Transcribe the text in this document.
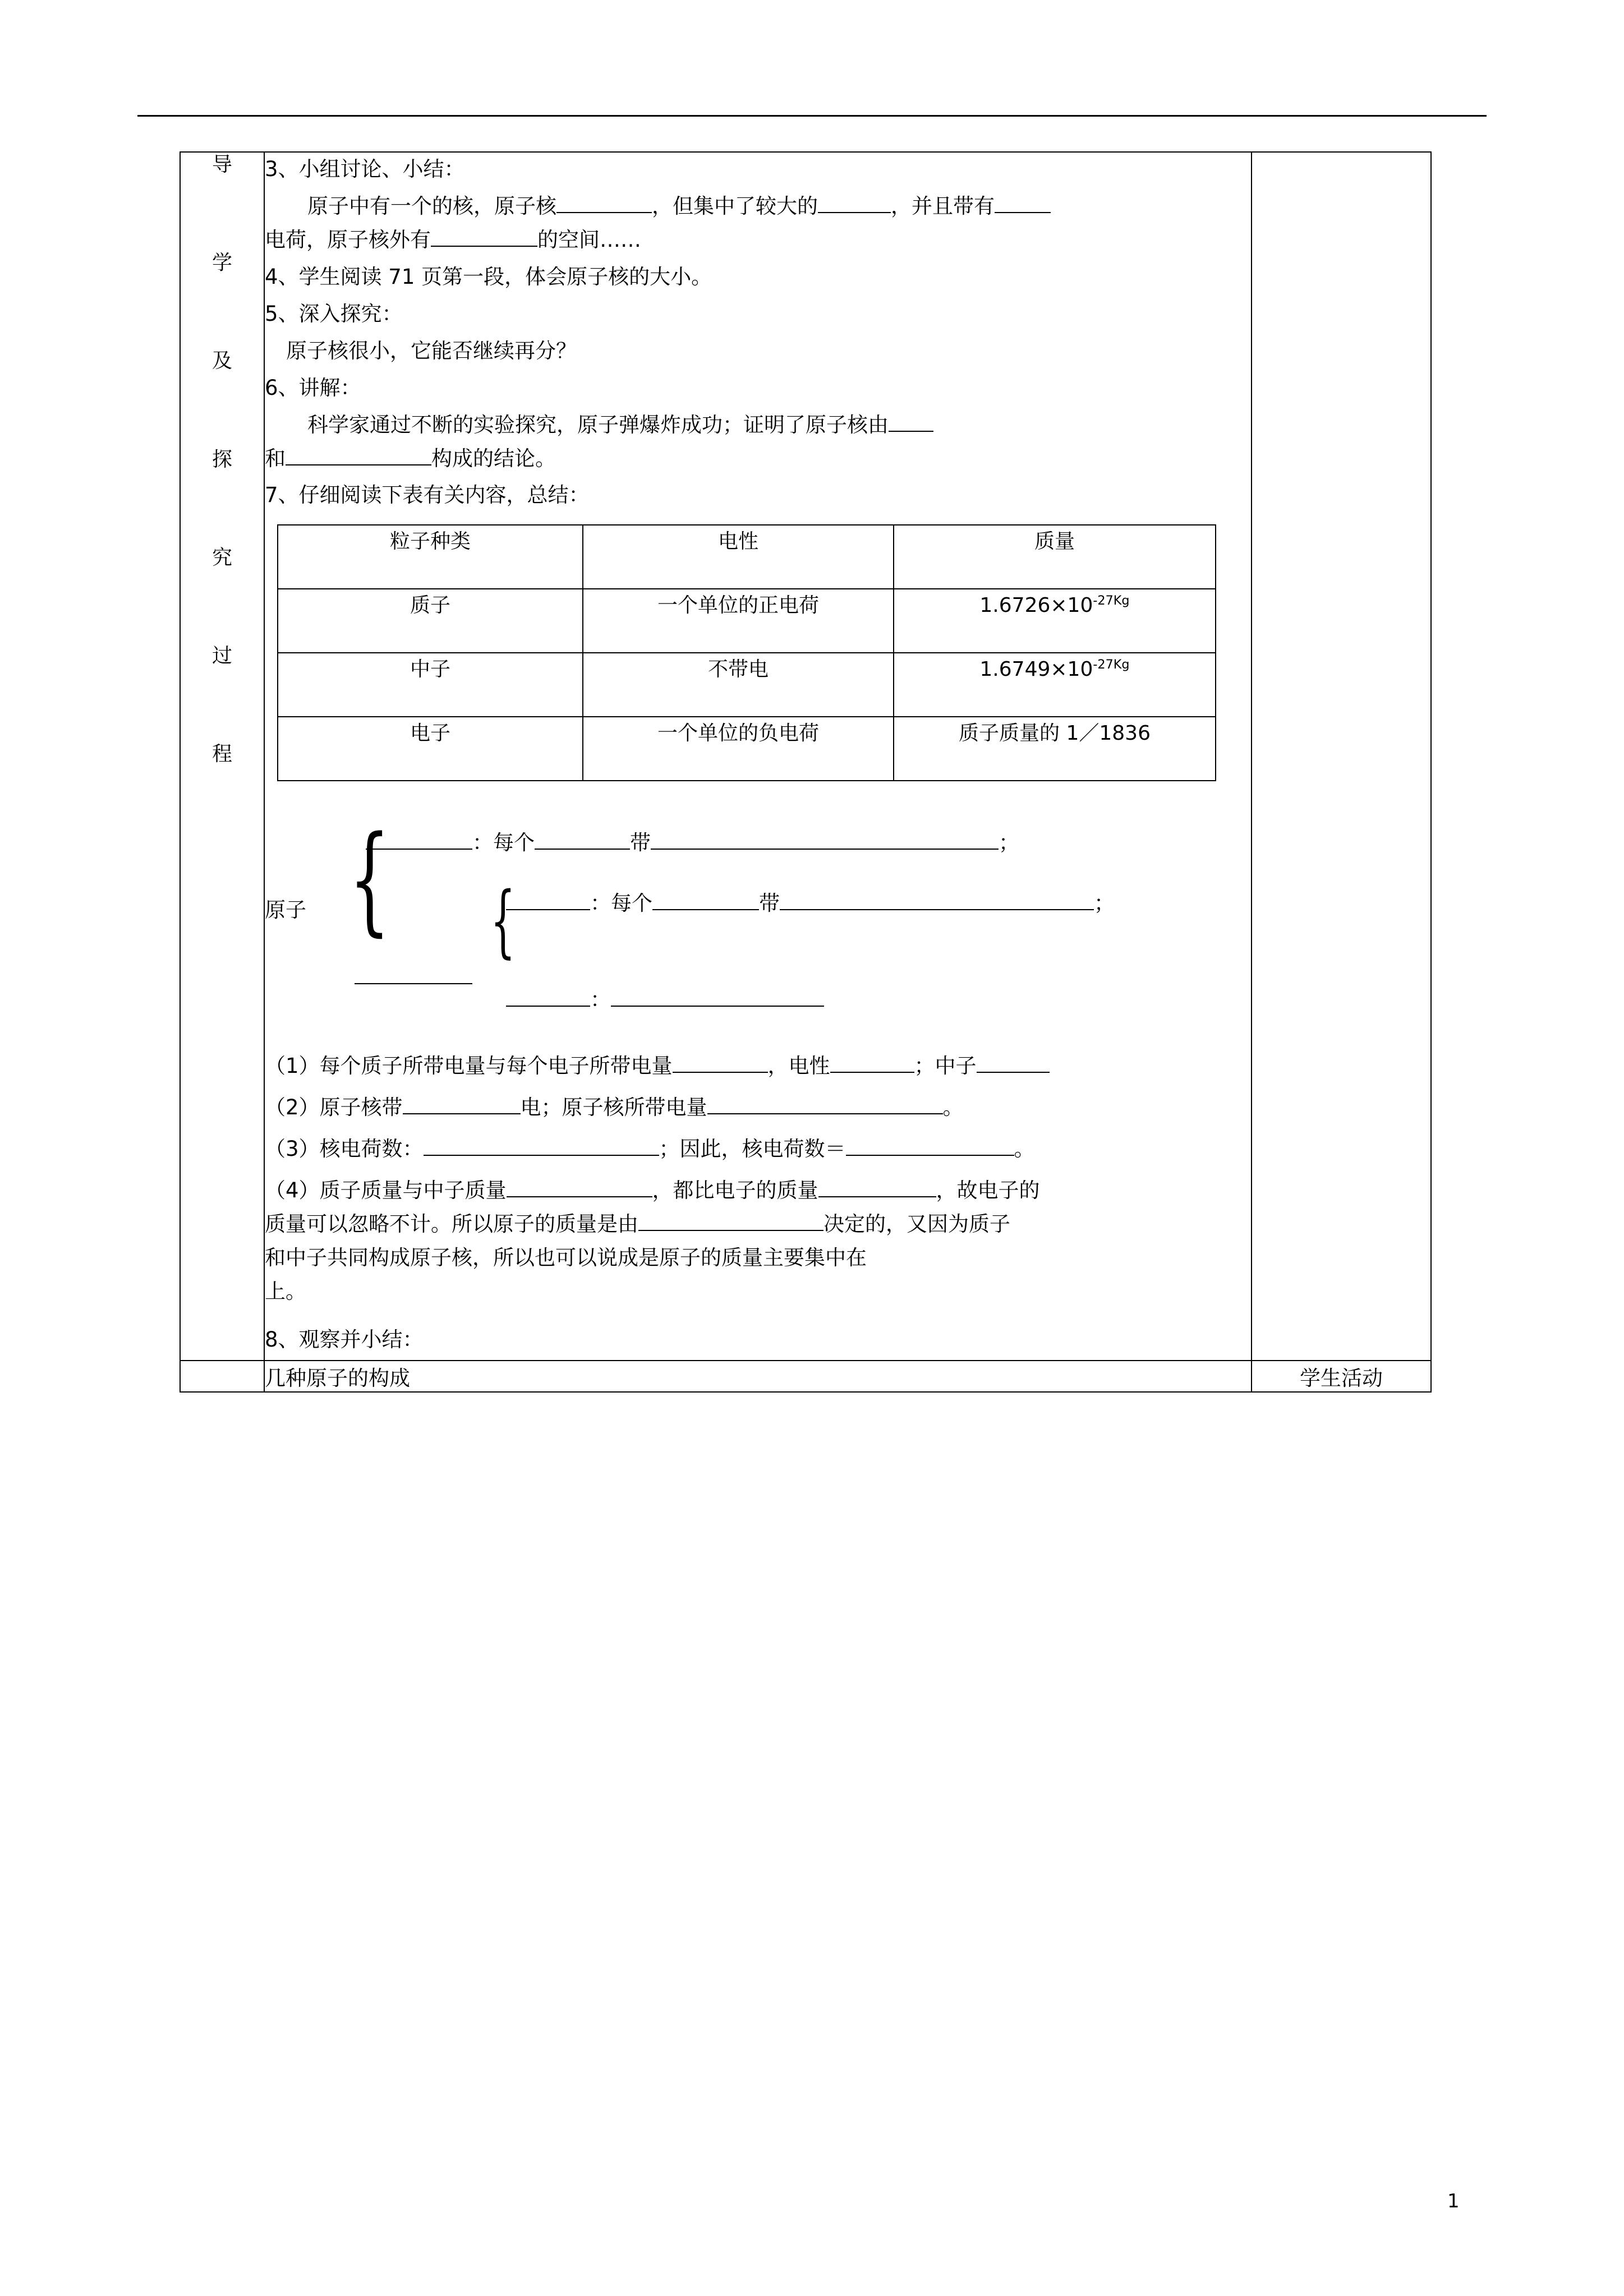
导
学
及
探
究
过
程

3、小组讨论、小结：

原子中有一个的核，原子核	，但集中了较大的	，并且带有
电荷，原子核外有	的空间……

4、学生阅读 71 页第一段，体会原子核的大小。

5、深入探究：

原子核很小，它能否继续再分？

6、讲解：

科学家通过不断的实验探究，原子弹爆炸成功；证明了原子核由
和	构成的结论。

7、仔细阅读下表有关内容，总结：

粒子种类	电性	质量
质子	一个单位的正电荷	$1.6726\times 10^{-27Kg}$
中子	不带电	$1.6749\times 10^{-27Kg}$
电子	一个单位的负电荷	质子质量的 1／1836
原子 {	：每个	带	；
{	：每个	带	；
：

（1）每个质子所带电量与每个电子所带电量	，电性	；中子

（2）原子核带	电；原子核所带电量	。

（3）核电荷数：	；因此，核电荷数＝	。

（4）质子质量与中子质量	，都比电子的质量	，故电子的
质量可以忽略不计。所以原子的质量是由	决定的，又因为质子
和中子共同构成原子核，所以也可以说成是原子的质量主要集中在
上。

8、观察并小结：

	几种原子的构成	学生活动
1
